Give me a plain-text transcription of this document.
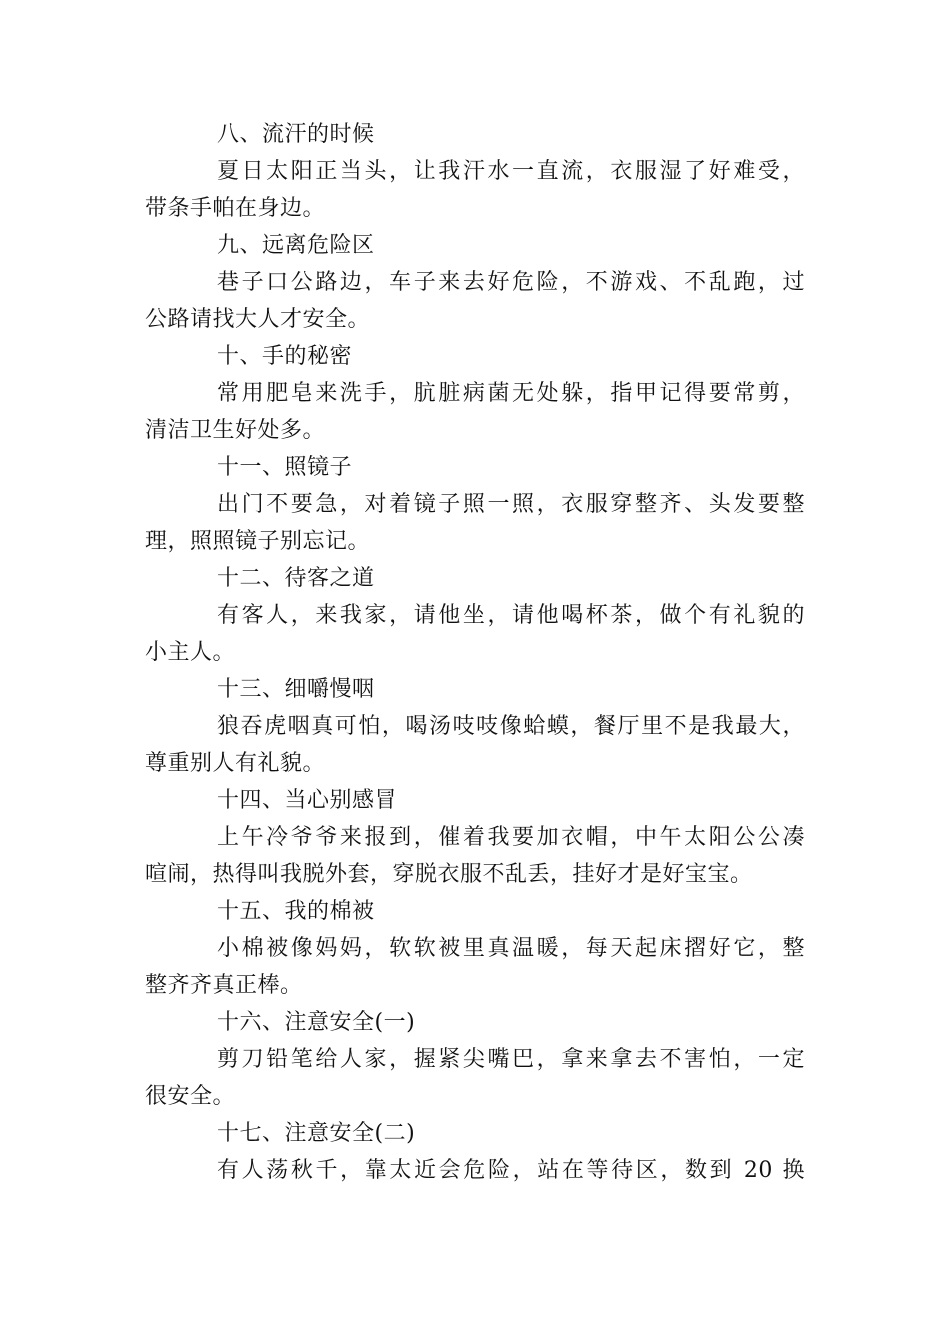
八、流汗的时候
夏日太阳正当头，让我汗水一直流，衣服湿了好难受，
带条手帕在身边。
九、远离危险区
巷子口公路边，车子来去好危险，不游戏、不乱跑，过
公路请找大人才安全。
十、手的秘密
常用肥皂来洗手，肮脏病菌无处躲，指甲记得要常剪，
清洁卫生好处多。
十一、照镜子
出门不要急，对着镜子照一照，衣服穿整齐、头发要整
理，照照镜子别忘记。
十二、待客之道
有客人，来我家，请他坐，请他喝杯茶，做个有礼貌的
小主人。
十三、细嚼慢咽
狼吞虎咽真可怕，喝汤吱吱像蛤蟆，餐厅里不是我最大，
尊重别人有礼貌。
十四、当心别感冒
上午冷爷爷来报到，催着我要加衣帽，中午太阳公公凑
喧闹，热得叫我脱外套，穿脱衣服不乱丢，挂好才是好宝宝。
十五、我的棉被
小棉被像妈妈，软软被里真温暖，每天起床摺好它，整
整齐齐真正棒。
十六、注意安全(一)
剪刀铅笔给人家，握紧尖嘴巴，拿来拿去不害怕，一定
很安全。
十七、注意安全(二)
有人荡秋千，靠太近会危险，站在等待区，数到 20 换
